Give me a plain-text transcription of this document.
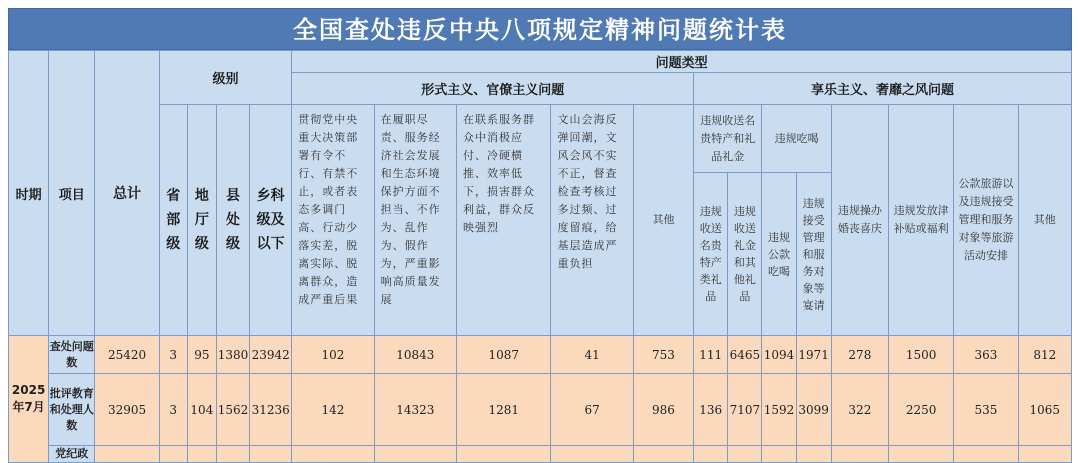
全国查处违反中央八项规定精神问题统计表
时期	项目	总计	级别				问题类型												
							形式主义、官僚主义问题					享乐主义、奢靡之风问题							
			省部级	地厅级	县处级	乡科级及以下	贯彻党中央重大决策部署有令不行、有禁不止，或者表态多调门高、行动少落实差，脱离实际、脱离群众，造成严重后果	在履职尽责、服务经济社会发展和生态环境保护方面不担当、不作为、乱作为、假作为，严重影响高质量发展	在联系服务群众中消极应付、冷硬横推、效率低下，损害群众利益，群众反映强烈	文山会海反弹回潮，文风会风不实不正，督查检查考核过多过频、过度留痕，给基层造成严重负担	其他	违规收送名贵特产和礼品礼金		违规吃喝		违规操办婚丧喜庆	违规发放津补贴或福利	公款旅游以及违规接受管理和服务对象等旅游活动安排	其他
												违规收送名贵特产类礼品	违规收送礼金和其他礼品	违规公款吃喝	违规接受管理和服务对象等宴请				

2025年7月	查处问题数	25420	3	95	1380	23942	102	10843	1087	41	753	111	6465	1094	1971	278	1500	363	812
	批评教育和处理人数	32905	3	104	1562	31236	142	14323	1281	67	986	136	7107	1592	3099	322	2250	535	1065
	党纪政																		
